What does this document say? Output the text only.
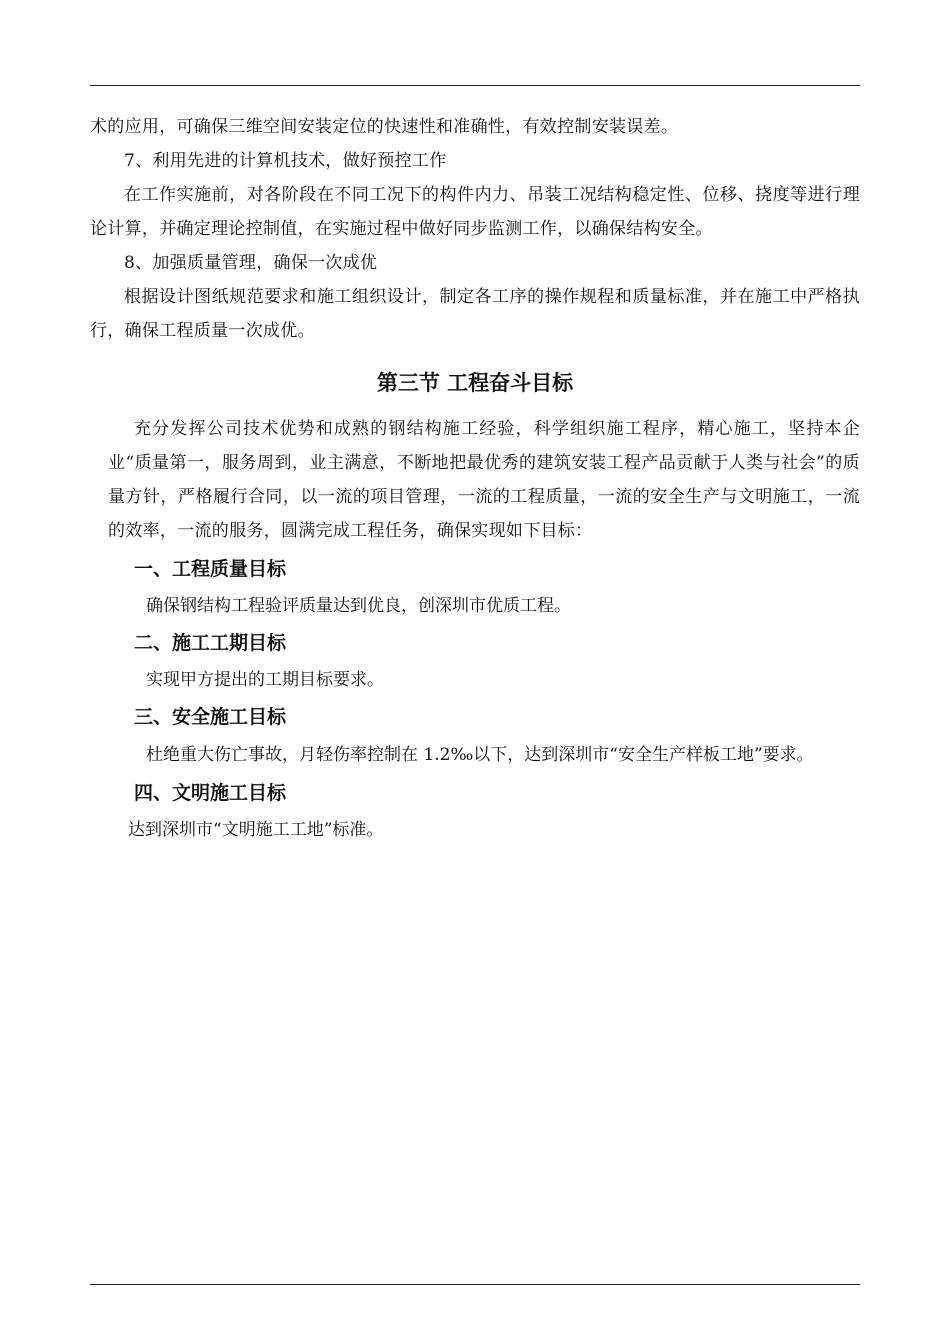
术的应用，可确保三维空间安装定位的快速性和准确性，有效控制安装误差。

7、利用先进的计算机技术，做好预控工作

在工作实施前，对各阶段在不同工况下的构件内力、吊装工况结构稳定性、位移、挠度等进行理论计算，并确定理论控制值，在实施过程中做好同步监测工作，以确保结构安全。

8、加强质量管理，确保一次成优

根据设计图纸规范要求和施工组织设计，制定各工序的操作规程和质量标准，并在施工中严格执行，确保工程质量一次成优。

第三节 工程奋斗目标

充分发挥公司技术优势和成熟的钢结构施工经验，科学组织施工程序，精心施工，坚持本企业“质量第一，服务周到，业主满意，不断地把最优秀的建筑安装工程产品贡献于人类与社会”的质量方针，严格履行合同，以一流的项目管理，一流的工程质量，一流的安全生产与文明施工，一流的效率，一流的服务，圆满完成工程任务，确保实现如下目标：

一、工程质量目标
确保钢结构工程验评质量达到优良，创深圳市优质工程。
二、施工工期目标
实现甲方提出的工期目标要求。
三、安全施工目标

杜绝重大伤亡事故，月轻伤率控制在 1.2‰以下，达到深圳市“安全生产样板工地”要求。

四、文明施工目标
达到深圳市“文明施工工地”标准。
